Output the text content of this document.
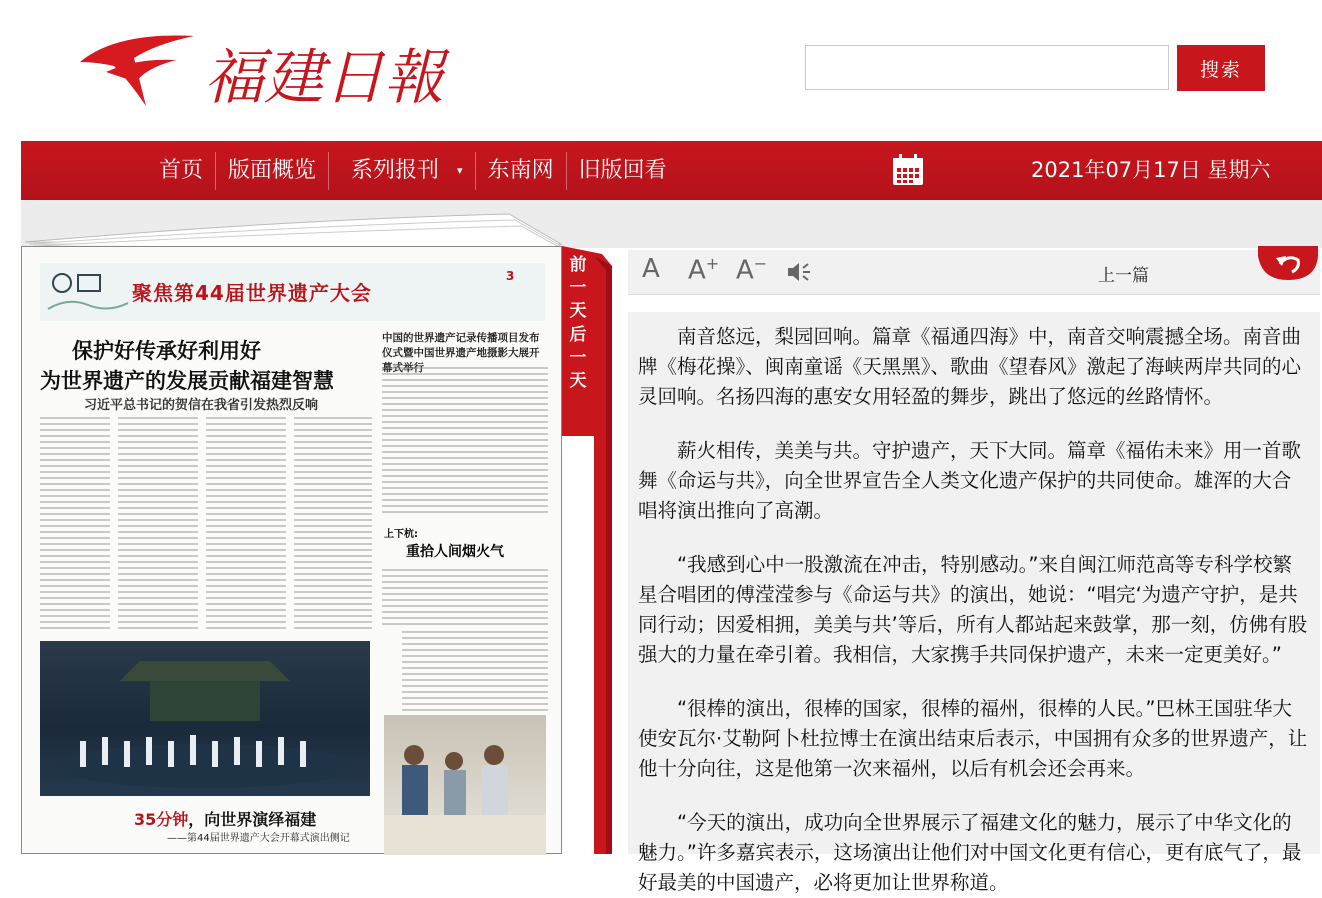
福建日報	搜索
首页 版面概览 系列报刊 ▾ 东南网 旧版回看	2021年07月17日 星期六
聚焦第44届世界遗产大会
3
保护好传承好利用好
为世界遗产的发展贡献福建智慧
习近平总书记的贺信在我省引发热烈反响
中国的世界遗产记录传播项目发布仪式暨中国世界遗产地摄影大展开幕式举行
上下杭:
重拾人间烟火气
35分钟，向世界演绎福建
——第44届世界遗产大会开幕式演出侧记
前一天
后一天
A A+ A−
上一篇

南音悠远，梨园回响。篇章《福通四海》中，南音交响震撼全场。南音曲牌《梅花操》、闽南童谣《天黑黑》、歌曲《望春风》激起了海峡两岸共同的心灵回响。名扬四海的惠安女用轻盈的舞步，跳出了悠远的丝路情怀。

薪火相传，美美与共。守护遗产，天下大同。篇章《福佑未来》用一首歌舞《命运与共》，向全世界宣告全人类文化遗产保护的共同使命。雄浑的大合唱将演出推向了高潮。

“我感到心中一股激流在冲击，特别感动。”来自闽江师范高等专科学校繁星合唱团的傅滢滢参与《命运与共》的演出，她说：“唱完‘为遗产守护，是共同行动；因爱相拥，美美与共’等后，所有人都站起来鼓掌，那一刻，仿佛有股强大的力量在牵引着。我相信，大家携手共同保护遗产，未来一定更美好。”

“很棒的演出，很棒的国家，很棒的福州，很棒的人民。”巴林王国驻华大使安瓦尔·艾勒阿卜杜拉博士在演出结束后表示，中国拥有众多的世界遗产，让他十分向往，这是他第一次来福州，以后有机会还会再来。

“今天的演出，成功向全世界展示了福建文化的魅力，展示了中华文化的魅力。”许多嘉宾表示，这场演出让他们对中国文化更有信心，更有底气了，最好最美的中国遗产，必将更加让世界称道。
